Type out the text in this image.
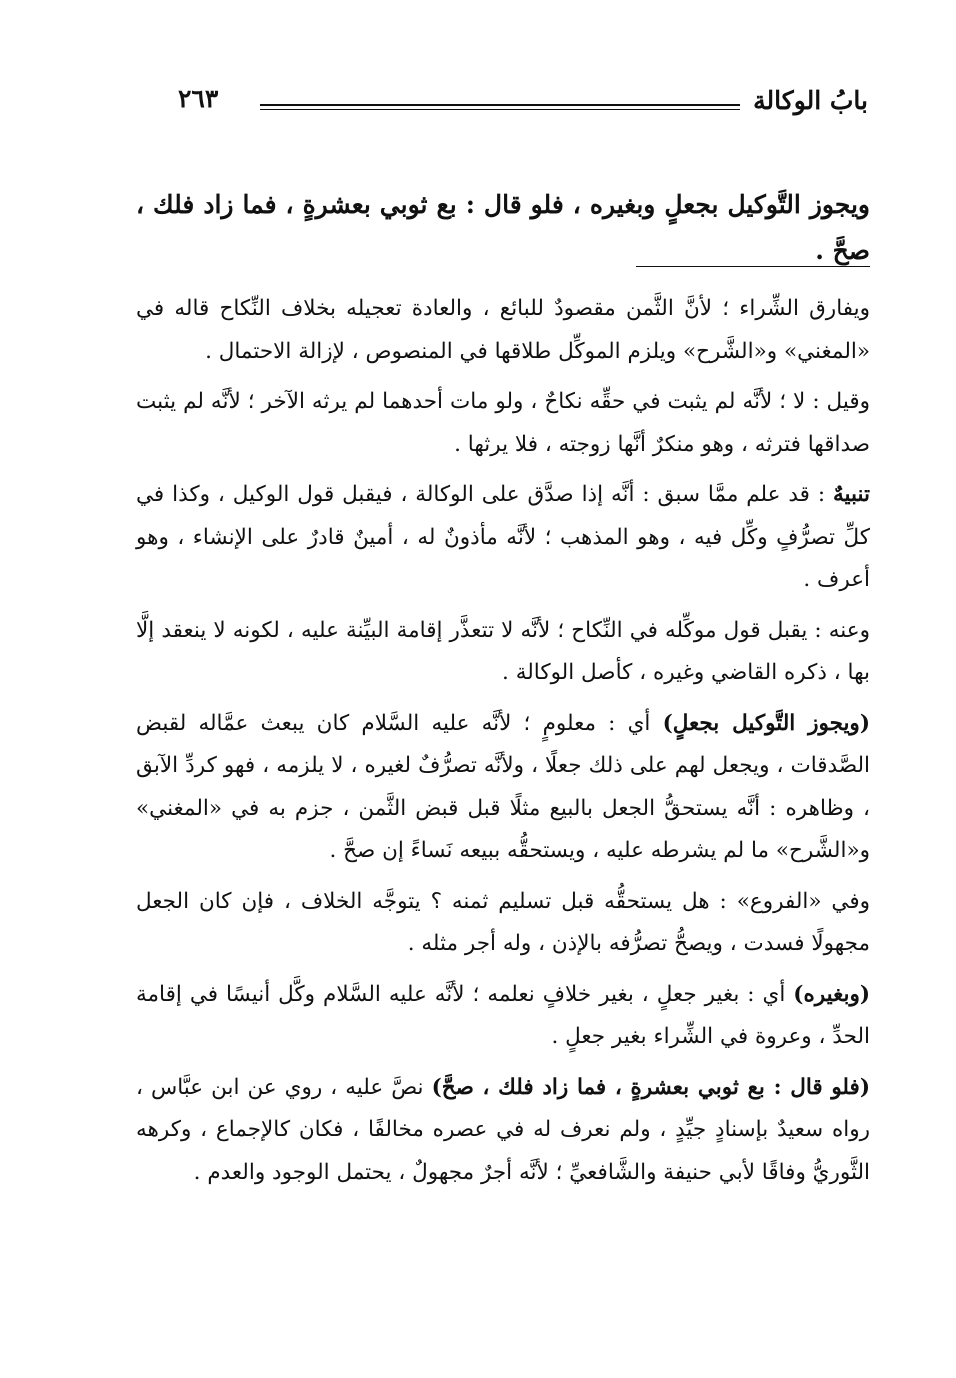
بابُ الوكالة
٢٦٣
ويجوز التَّوكيل بجعلٍ وبغيره ، فلو قال : بع ثوبي بعشرةٍ ، فما زاد فلك ، صحَّ .

ويفارق الشِّراء ؛ لأنَّ الثَّمن مقصودٌ للبائع ، والعادة تعجيله بخلاف النِّكاح قاله في «المغني» و«الشَّرح» ويلزم الموكِّل طلاقها في المنصوص ، لإزالة الاحتمال .

وقيل : لا ؛ لأنَّه لم يثبت في حقِّه نكاحٌ ، ولو مات أحدهما لم يرثه الآخر ؛ لأنَّه لم يثبت صداقها فترثه ، وهو منكرٌ أنَّها زوجته ، فلا يرثها .

تنبيهٌ : قد علم ممَّا سبق : أنَّه إذا صدَّق على الوكالة ، فيقبل قول الوكيل ، وكذا في كلِّ تصرُّفٍ وكِّل فيه ، وهو المذهب ؛ لأنَّه مأذونٌ له ، أمينٌ قادرٌ على الإنشاء ، وهو أعرف .

وعنه : يقبل قول موكِّله في النِّكاح ؛ لأنَّه لا تتعذَّر إقامة البيِّنة عليه ، لكونه لا ينعقد إلَّا بها ، ذكره القاضي وغيره ، كأصل الوكالة .

(ويجوز التَّوكيل بجعلٍ) أي : معلومٍ ؛ لأنَّه عليه السَّلام كان يبعث عمَّاله لقبض الصَّدقات ، ويجعل لهم على ذلك جعلًا ، ولأنَّه تصرُّفٌ لغيره ، لا يلزمه ، فهو كردِّ الآبق ، وظاهره : أنَّه يستحقُّ الجعل بالبيع مثلًا قبل قبض الثَّمن ، جزم به في «المغني» و«الشَّرح» ما لم يشرطه عليه ، ويستحقُّه ببيعه نَساءً إن صحَّ .

وفي «الفروع» : هل يستحقُّه قبل تسليم ثمنه ؟ يتوجَّه الخلاف ، فإن كان الجعل مجهولًا فسدت ، ويصحُّ تصرُّفه بالإذن ، وله أجر مثله .

(وبغيره) أي : بغير جعلٍ ، بغير خلافٍ نعلمه ؛ لأنَّه عليه السَّلام وكَّل أنيسًا في إقامة الحدِّ ، وعروة في الشِّراء بغير جعلٍ .

(فلو قال : بع ثوبي بعشرةٍ ، فما زاد فلك ، صحَّ) نصَّ عليه ، روي عن ابن عبَّاس ، رواه سعيدٌ بإسنادٍ جيِّدٍ ، ولم نعرف له في عصره مخالفًا ، فكان كالإجماع ، وكرهه الثَّوريُّ وفاقًا لأبي حنيفة والشَّافعيِّ ؛ لأنَّه أجرٌ مجهولٌ ، يحتمل الوجود والعدم .
